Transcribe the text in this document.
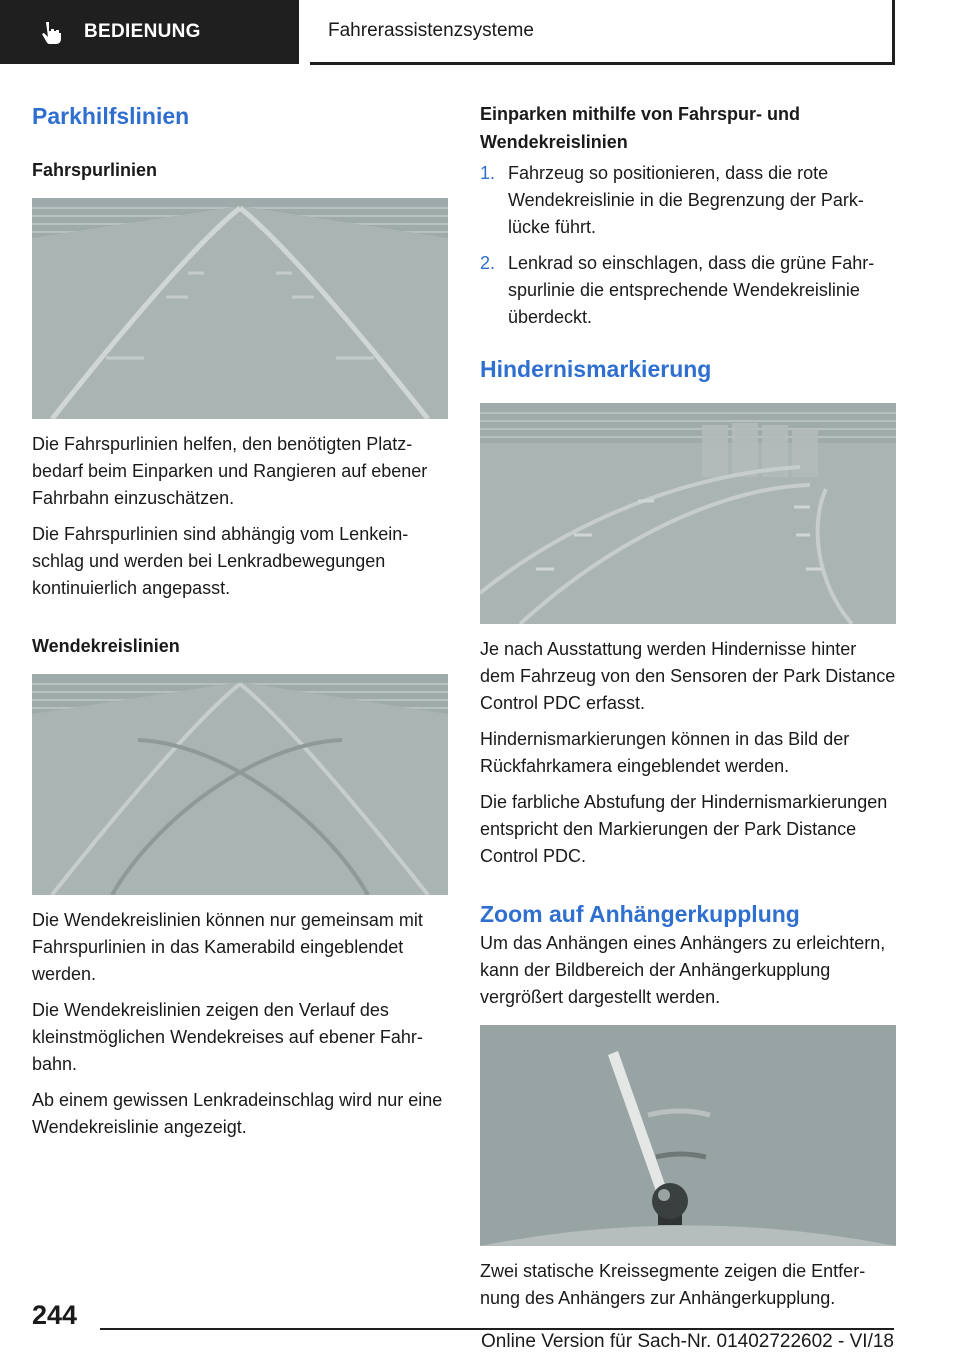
BEDIENUNG	Fahrerassistenzsysteme
Parkhilfslinien
Fahrspurlinien

Die Fahrspurlinien helfen, den benötigten Platzbedarf beim Einparken und Rangieren auf ebener Fahrbahn einzuschätzen.

Die Fahrspurlinien sind abhängig vom Lenkeinschlag und werden bei Lenkradbewegungen kontinuierlich angepasst.

Wendekreislinien

Die Wendekreislinien können nur gemeinsam mit Fahrspurlinien in das Kamerabild eingeblendet werden.

Die Wendekreislinien zeigen den Verlauf des kleinstmöglichen Wendekreises auf ebener Fahrbahn.

Ab einem gewissen Lenkradeinschlag wird nur eine Wendekreislinie angezeigt.

Einparken mithilfe von Fahrspur- und Wendekreislinien
1. Fahrzeug so positionieren, dass die rote Wendekreislinie in die Begrenzung der Parklücke führt.
2. Lenkrad so einschlagen, dass die grüne Fahrspurlinie die entsprechende Wendekreislinie überdeckt.
Hindernismarkierung

Je nach Ausstattung werden Hindernisse hinter dem Fahrzeug von den Sensoren der Park Distance Control PDC erfasst.

Hindernismarkierungen können in das Bild der Rückfahrkamera eingeblendet werden.

Die farbliche Abstufung der Hindernismarkierungen entspricht den Markierungen der Park Distance Control PDC.

Zoom auf Anhängerkupplung

Um das Anhängen eines Anhängers zu erleichtern, kann der Bildbereich der Anhängerkupplung vergrößert dargestellt werden.

Zwei statische Kreissegmente zeigen die Entfernung des Anhängers zur Anhängerkupplung.

244
Online Version für Sach-Nr. 01402722602 - VI/18
